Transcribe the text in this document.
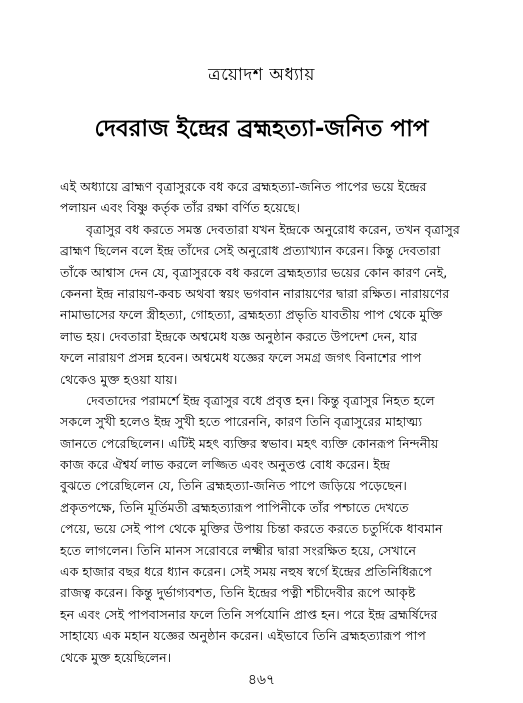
ত্রয়োদশ অধ্যায়
দেবরাজ ইন্দ্রের ব্রহ্মহত্যা-জনিত পাপ

এই অধ্যায়ে ব্রাহ্মণ বৃত্রাসুরকে বধ করে ব্রহ্মহত্যা-জনিত পাপের ভয়ে ইন্দ্রের
পলায়ন এবং বিষ্ণু কর্তৃক তাঁর রক্ষা বর্ণিত হয়েছে।

বৃত্রাসুর বধ করতে সমস্ত দেবতারা যখন ইন্দ্রকে অনুরোধ করেন, তখন বৃত্রাসুর
ব্রাহ্মণ ছিলেন বলে ইন্দ্র তাঁদের সেই অনুরোধ প্রত্যাখ্যান করেন। কিন্তু দেবতারা
তাঁকে আশ্বাস দেন যে, বৃত্রাসুরকে বধ করলে ব্রহ্মহত্যার ভয়ের কোন কারণ নেই,
কেননা ইন্দ্র নারায়ণ-কবচ অথবা স্বয়ং ভগবান নারায়ণের দ্বারা রক্ষিত। নারায়ণের
নামাভাসের ফলে স্ত্রীহত্যা, গোহত্যা, ব্রহ্মহত্যা প্রভৃতি যাবতীয় পাপ থেকে মুক্তি
লাভ হয়। দেবতারা ইন্দ্রকে অশ্বমেধ যজ্ঞ অনুষ্ঠান করতে উপদেশ দেন, যার
ফলে নারায়ণ প্রসন্ন হবেন। অশ্বমেধ যজ্ঞের ফলে সমগ্র জগৎ বিনাশের পাপ
থেকেও মুক্ত হওয়া যায়।

দেবতাদের পরামর্শে ইন্দ্র বৃত্রাসুর বধে প্রবৃত্ত হন। কিন্তু বৃত্রাসুর নিহত হলে
সকলে সুখী হলেও ইন্দ্র সুখী হতে পারেননি, কারণ তিনি বৃত্রাসুরের মাহাত্ম্য
জানতে পেরেছিলেন। এটিই মহৎ ব্যক্তির স্বভাব। মহৎ ব্যক্তি কোনরূপ নিন্দনীয়
কাজ করে ঐশ্বর্য লাভ করলে লজ্জিত এবং অনুতপ্ত বোধ করেন। ইন্দ্র
বুঝতে পেরেছিলেন যে, তিনি ব্রহ্মহত্যা-জনিত পাপে জড়িয়ে পড়েছেন।
প্রকৃতপক্ষে, তিনি মূর্তিমতী ব্রহ্মহত্যারূপ পাপিনীকে তাঁর পশ্চাতে দেখতে
পেয়ে, ভয়ে সেই পাপ থেকে মুক্তির উপায় চিন্তা করতে করতে চতুর্দিকে ধাবমান
হতে লাগলেন। তিনি মানস সরোবরে লক্ষ্মীর দ্বারা সংরক্ষিত হয়ে, সেখানে
এক হাজার বছর ধরে ধ্যান করেন। সেই সময় নহুষ স্বর্গে ইন্দ্রের প্রতিনিধিরূপে
রাজত্ব করেন। কিন্তু দুর্ভাগ্যবশত, তিনি ইন্দ্রের পত্নী শচীদেবীর রূপে আকৃষ্ট
হন এবং সেই পাপবাসনার ফলে তিনি সর্পযোনি প্রাপ্ত হন। পরে ইন্দ্র ব্রহ্মর্ষিদের
সাহায্যে এক মহান যজ্ঞের অনুষ্ঠান করেন। এইভাবে তিনি ব্রহ্মহত্যারূপ পাপ
থেকে মুক্ত হয়েছিলেন।

৪৬৭
